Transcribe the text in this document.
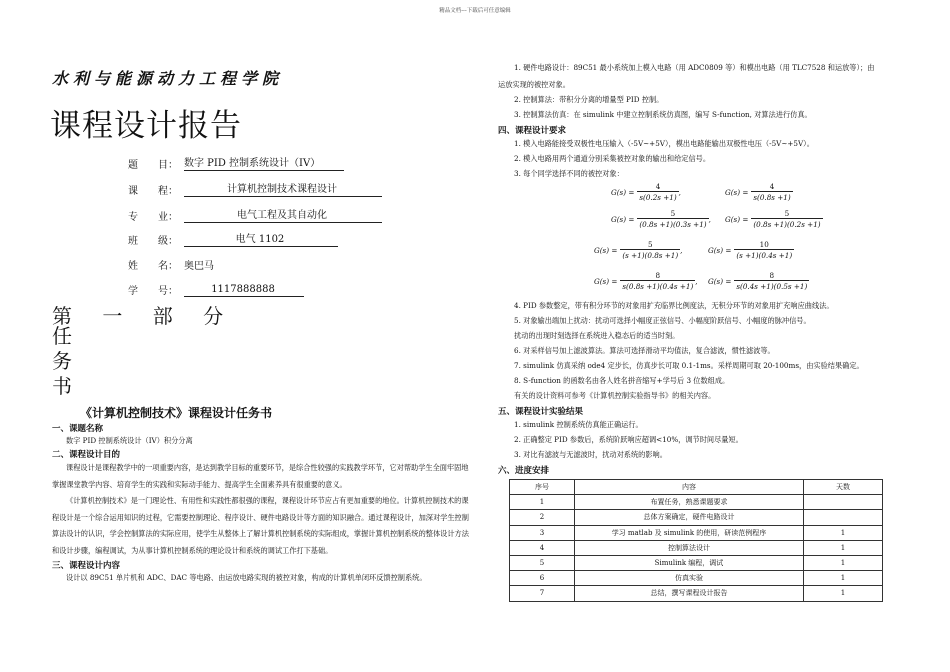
精品文档---下载后可任意编辑
水利与能源动力工程学院
课程设计报告
题　　目： 数字 PID 控制系统设计（IV）
课　　程：	计算机控制技术课程设计
专　　业：	电气工程及其自动化
班　　级：	电气 1102
姓　　名： 奥巴马
学　　号：	1117888888
第 一 部 分
任
务
书
《计算机控制技术》课程设计任务书
一、课题名称
数字 PID 控制系统设计（IV）积分分离
二、课程设计目的
课程设计是课程教学中的一项重要内容，是达到教学目标的重要环节，是综合性较强的实践教学环节，它对帮助学生全面牢固地掌握课堂教学内容、培育学生的实践和实际动手能力、提高学生全面素养具有很重要的意义。
《计算机控制技术》是一门理论性、有用性和实践性都很强的课程，课程设计环节应占有更加重要的地位。计算机控制技术的课程设计是一个综合运用知识的过程，它需要控制理论、程序设计、硬件电路设计等方面的知识融合。通过课程设计，加深对学生控制算法设计的认识，学会控制算法的实际应用，使学生从整体上了解计算机控制系统的实际组成，掌握计算机控制系统的整体设计方法和设计步骤，编程调试，为从事计算机控制系统的理论设计和系统的调试工作打下基础。
三、课程设计内容
设计以 89C51 单片机和 ADC、DAC 等电路、由运放电路实现的被控对象，构成的计算机单闭环反馈控制系统。
1. 硬件电路设计：89C51 最小系统加上模入电路（用 ADC0809 等）和模出电路（用 TLC7528 和运放等）；由
运放实现的被控对象。
2. 控制算法：带积分分离的增量型 PID 控制。
3. 控制算法仿真：在 simulink 中建立控制系统仿真图，编写 S-function, 对算法进行仿真。
四、课程设计要求
1. 模入电路能接受双极性电压输入（-5V~+5V），模出电路能输出双极性电压（-5V~+5V）。
2. 模入电路用两个通道分别采集被控对象的输出和给定信号。
3. 每个同学选择不同的被控对象：
$G(s) = \frac{4}{s(0.2s +1)}$ ,	$G(s) = \frac{4}{s(0.8s +1)}$
$G(s) = \frac{5}{(0.8s +1)(0.3s +1)}$ , $G(s) = \frac{5}{(0.8s +1)(0.2s +1)}$
$G(s) = \frac{5}{(s +1)(0.8s +1)}$ ,	$G(s) = \frac{10}{(s +1)(0.4s +1)}$
$G(s) = \frac{8}{s(0.8s +1)(0.4s +1)}$ , $G(s) = \frac{8}{s(0.4s +1)(0.5s +1)}$
4. PID 参数整定，带有积分环节的对象用扩充临界比例度法，无积分环节的对象用扩充响应曲线法。
5. 对象输出端加上扰动：扰动可选择小幅度正弦信号、小幅度阶跃信号、小幅度的脉冲信号。
扰动的出现时刻选择在系统进入稳态后的适当时刻。
6. 对采样信号加上滤波算法。算法可选择滑动平均值法，复合滤波，惯性滤波等。
7. simulink 仿真采纳 ode4 定步长，仿真步长可取 0.1-1ms。采样周期可取 20-100ms，由实验结果确定。
8. S-function 的函数名由各人姓名拼音缩写+学号后 3 位数组成。
有关的设计资料可参考《计算机控制实验指导书》的相关内容。
五、课程设计实验结果
1. simulink 控制系统仿真能正确运行。
2. 正确整定 PID 参数后，系统阶跃响应超调<10%，调节时间尽量短。
3. 对比有滤波与无滤波时，扰动对系统的影响。
六、进度安排
序号	内容	天数
1	布置任务，熟悉课题要求	
2	总体方案确定，硬件电路设计	
3	学习 matlab 及 simulink 的使用，研读范例程序	1
4	控制算法设计	1
5	Simulink 编程，调试	1
6	仿真实验	1
7	总结，撰写课程设计报告	1
